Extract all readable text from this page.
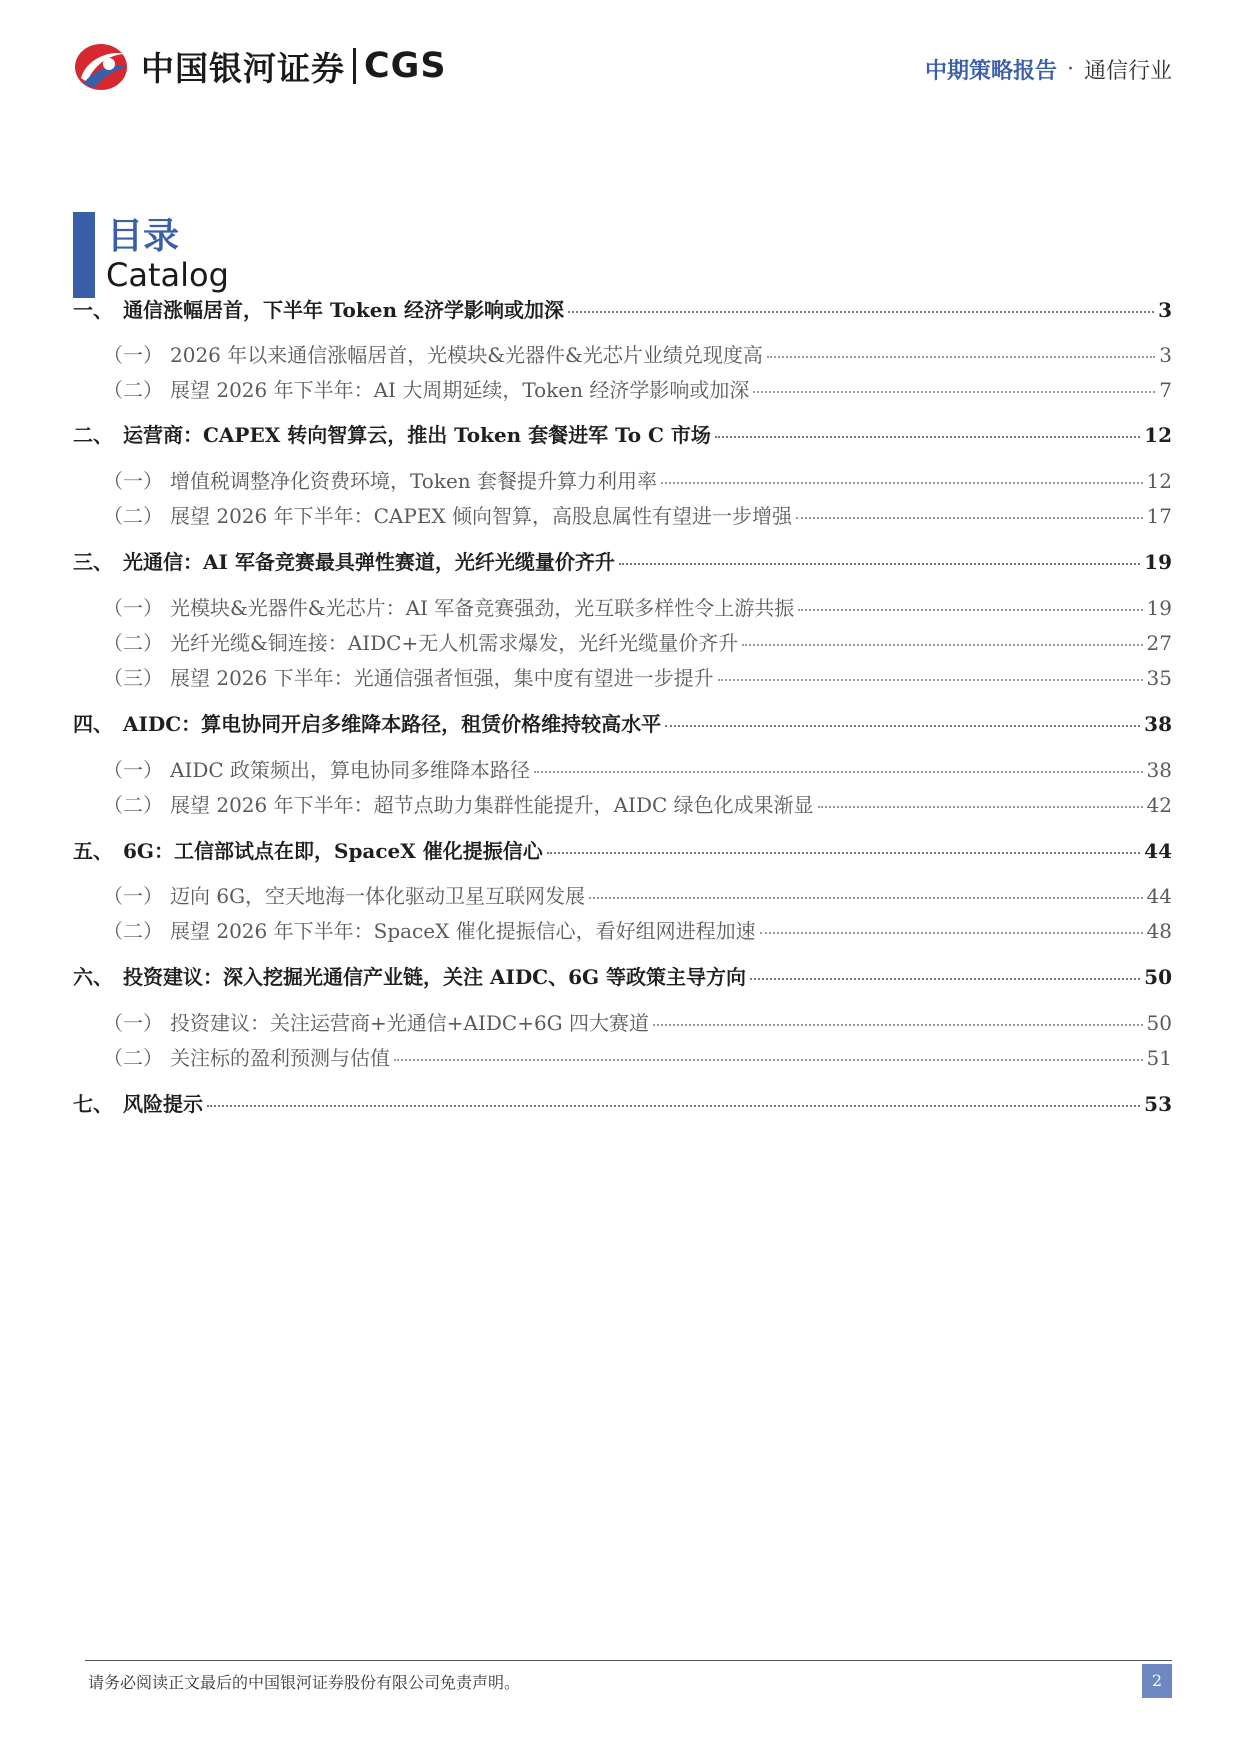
中国银河证券 CGS	中期策略报告 · 通信行业
目录
Catalog
一、 通信涨幅居首，下半年 Token 经济学影响或加深	3
（一） 2026 年以来通信涨幅居首，光模块&光器件&光芯片业绩兑现度高	3
（二） 展望 2026 年下半年：AI 大周期延续，Token 经济学影响或加深	7
二、 运营商：CAPEX 转向智算云，推出 Token 套餐进军 To C 市场	12
（一） 增值税调整净化资费环境，Token 套餐提升算力利用率	12
（二） 展望 2026 年下半年：CAPEX 倾向智算，高股息属性有望进一步增强	17
三、 光通信：AI 军备竞赛最具弹性赛道，光纤光缆量价齐升	19
（一） 光模块&光器件&光芯片：AI 军备竞赛强劲，光互联多样性令上游共振	19
（二） 光纤光缆&铜连接：AIDC+无人机需求爆发，光纤光缆量价齐升	27
（三） 展望 2026 下半年：光通信强者恒强，集中度有望进一步提升	35
四、 AIDC：算电协同开启多维降本路径，租赁价格维持较高水平	38
（一） AIDC 政策频出，算电协同多维降本路径	38
（二） 展望 2026 年下半年：超节点助力集群性能提升，AIDC 绿色化成果渐显	42
五、 6G：工信部试点在即，SpaceX 催化提振信心	44
（一） 迈向 6G，空天地海一体化驱动卫星互联网发展	44
（二） 展望 2026 年下半年：SpaceX 催化提振信心，看好组网进程加速	48
六、 投资建议：深入挖掘光通信产业链，关注 AIDC、6G 等政策主导方向	50
（一） 投资建议：关注运营商+光通信+AIDC+6G 四大赛道	50
（二） 关注标的盈利预测与估值	51
七、 风险提示	53
请务必阅读正文最后的中国银河证券股份有限公司免责声明。	2
